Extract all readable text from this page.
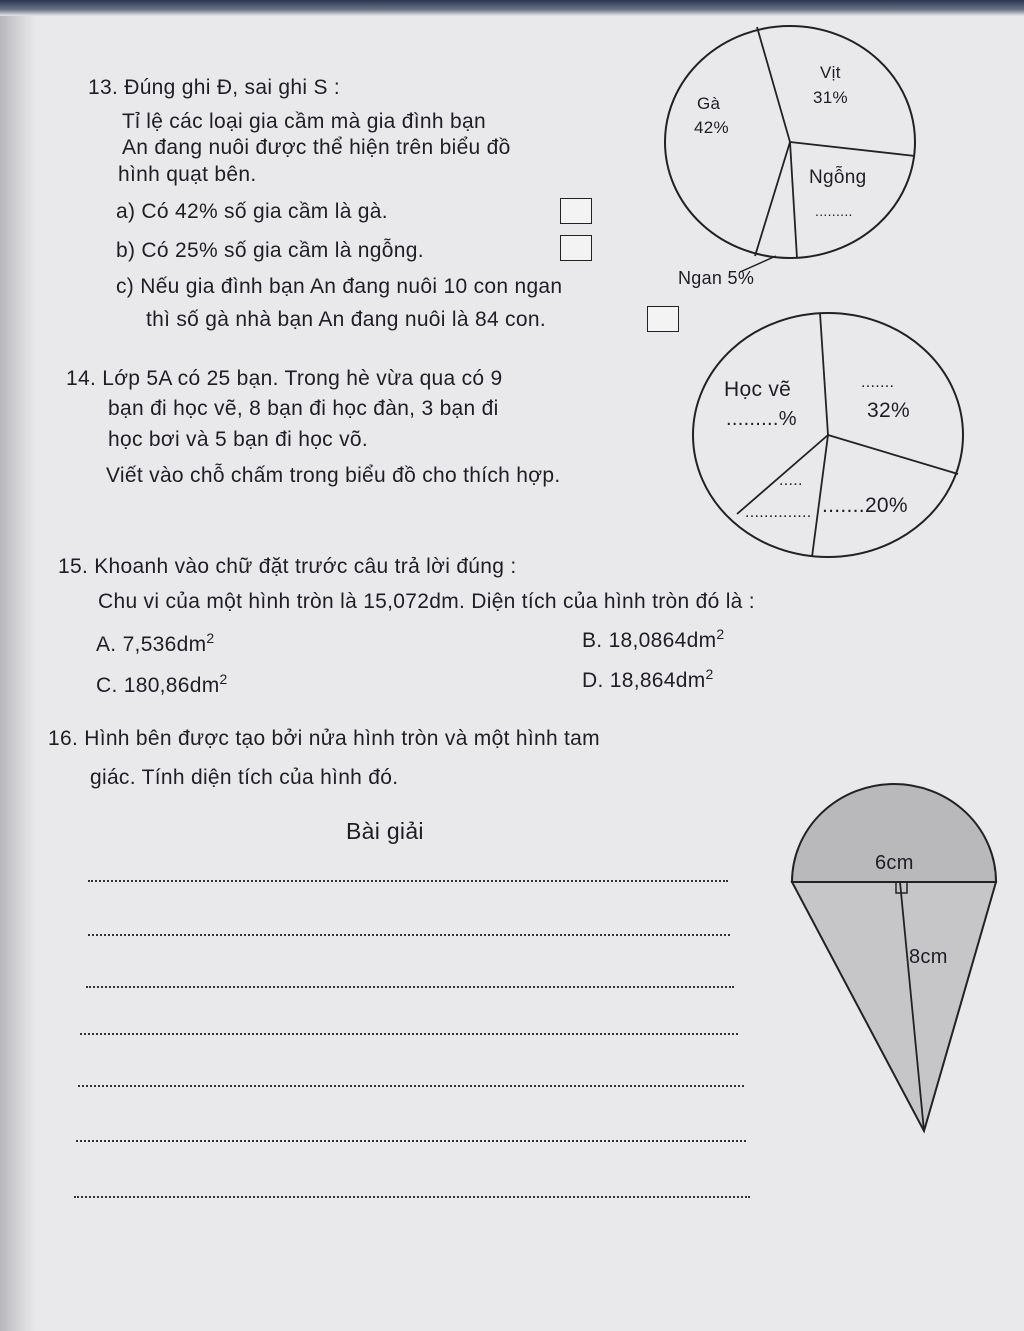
13. Đúng ghi Đ, sai ghi S :
Tỉ lệ các loại gia cầm mà gia đình bạn
An đang nuôi được thể hiện trên biểu đồ
hình quạt bên.
a) Có 42% số gia cầm là gà.
b) Có 25% số gia cầm là ngỗng.
c) Nếu gia đình bạn An đang nuôi 10 con ngan
thì số gà nhà bạn An đang nuôi là 84 con.
Gà
42%
Vịt
31%
Ngỗng
.........
Ngan 5%
14. Lớp 5A có 25 bạn. Trong hè vừa qua có 9
bạn đi học vẽ, 8 bạn đi học đàn, 3 bạn đi
học bơi và 5 bạn đi học võ.
Viết vào chỗ chấm trong biểu đồ cho thích hợp.
Học vẽ
.........%
.......
32%
.....
.............. .......20%
15. Khoanh vào chữ đặt trước câu trả lời đúng :
Chu vi của một hình tròn là 15,072dm. Diện tích của hình tròn đó là :
A. $7,536dm^2$	B. $18,0864dm^2$
C. $180,86dm^2$	D. $18,864dm^2$
16. Hình bên được tạo bởi nửa hình tròn và một hình tam
giác. Tính diện tích của hình đó.
Bài giải
6cm
8cm
